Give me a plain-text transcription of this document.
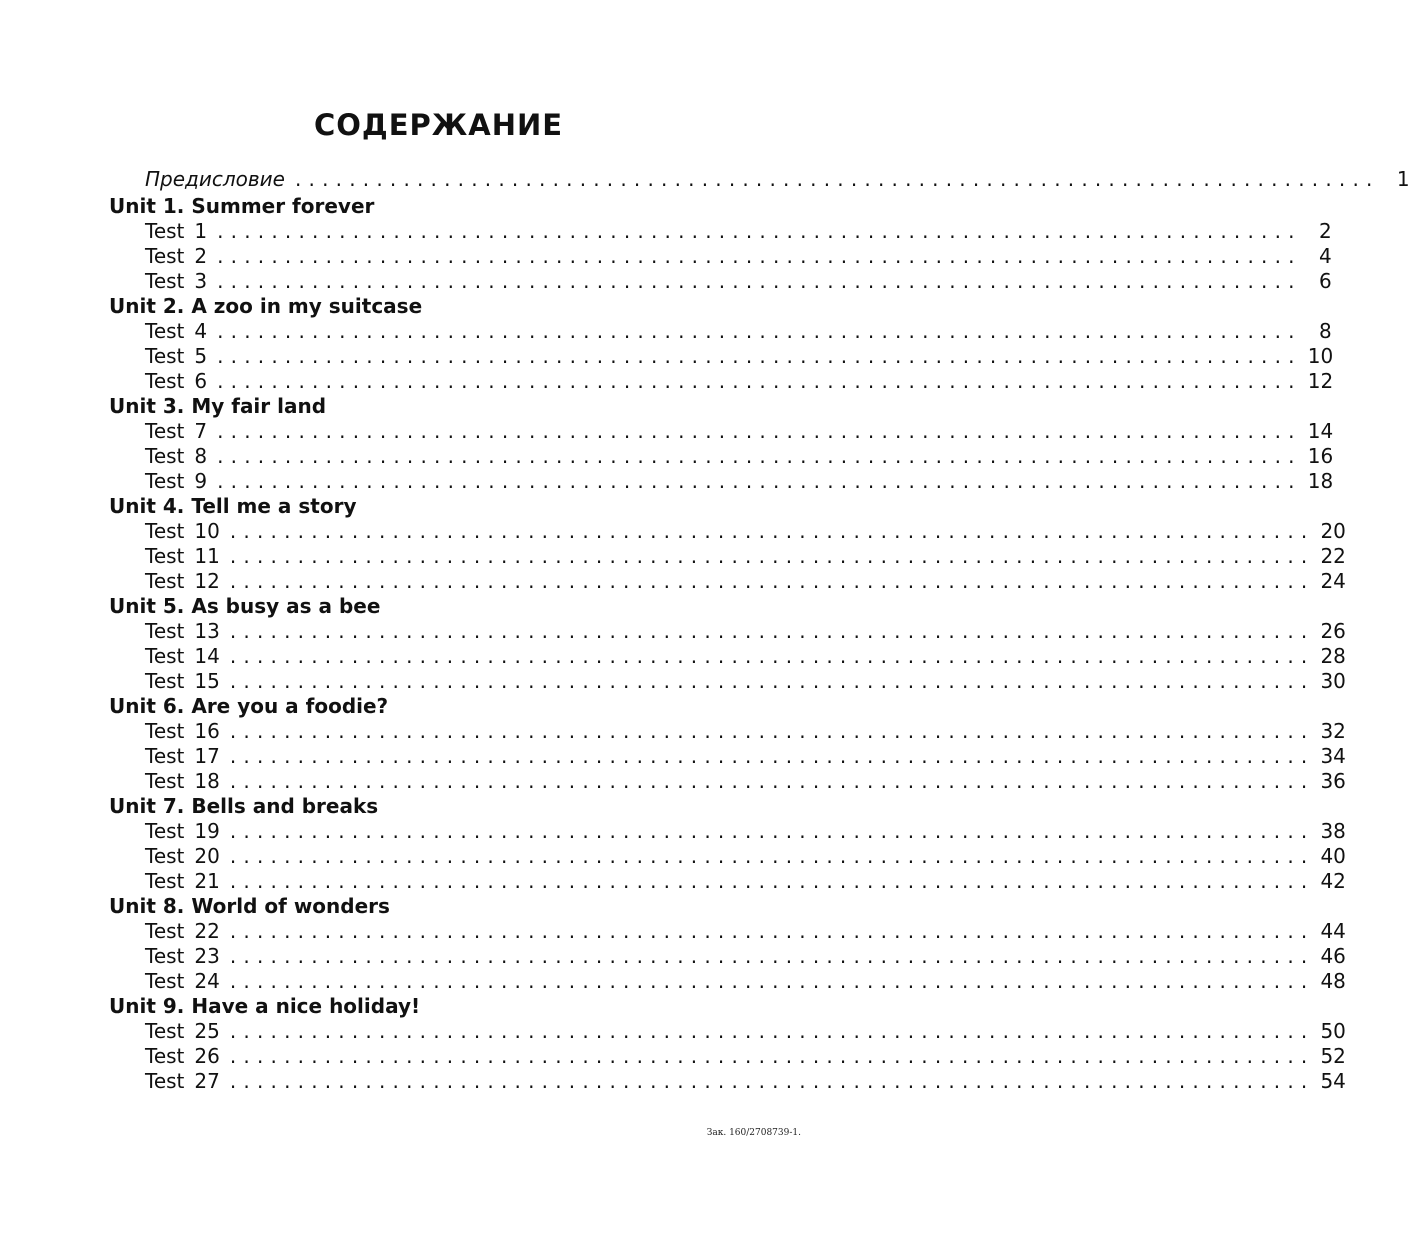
СОДЕРЖАНИЕ
Предисловие ................................................................................ 1
Unit 1. Summer forever
Test 1 ................................................................................ 2
Test 2 ................................................................................ 4
Test 3 ................................................................................ 6
Unit 2. A zoo in my suitcase
Test 4 ................................................................................ 8
Test 5 ................................................................................ 10
Test 6 ................................................................................ 12
Unit 3. My fair land
Test 7 ................................................................................ 14
Test 8 ................................................................................ 16
Test 9 ................................................................................ 18
Unit 4. Tell me a story
Test 10 ................................................................................ 20
Test 11 ................................................................................ 22
Test 12 ................................................................................ 24
Unit 5. As busy as a bee
Test 13 ................................................................................ 26
Test 14 ................................................................................ 28
Test 15 ................................................................................ 30
Unit 6. Are you a foodie?
Test 16 ................................................................................ 32
Test 17 ................................................................................ 34
Test 18 ................................................................................ 36
Unit 7. Bells and breaks
Test 19 ................................................................................ 38
Test 20 ................................................................................ 40
Test 21 ................................................................................ 42
Unit 8. World of wonders
Test 22 ................................................................................ 44
Test 23 ................................................................................ 46
Test 24 ................................................................................ 48
Unit 9. Have a nice holiday!
Test 25 ................................................................................ 50
Test 26 ................................................................................ 52
Test 27 ................................................................................ 54
Зак. 160/2708739-1.
